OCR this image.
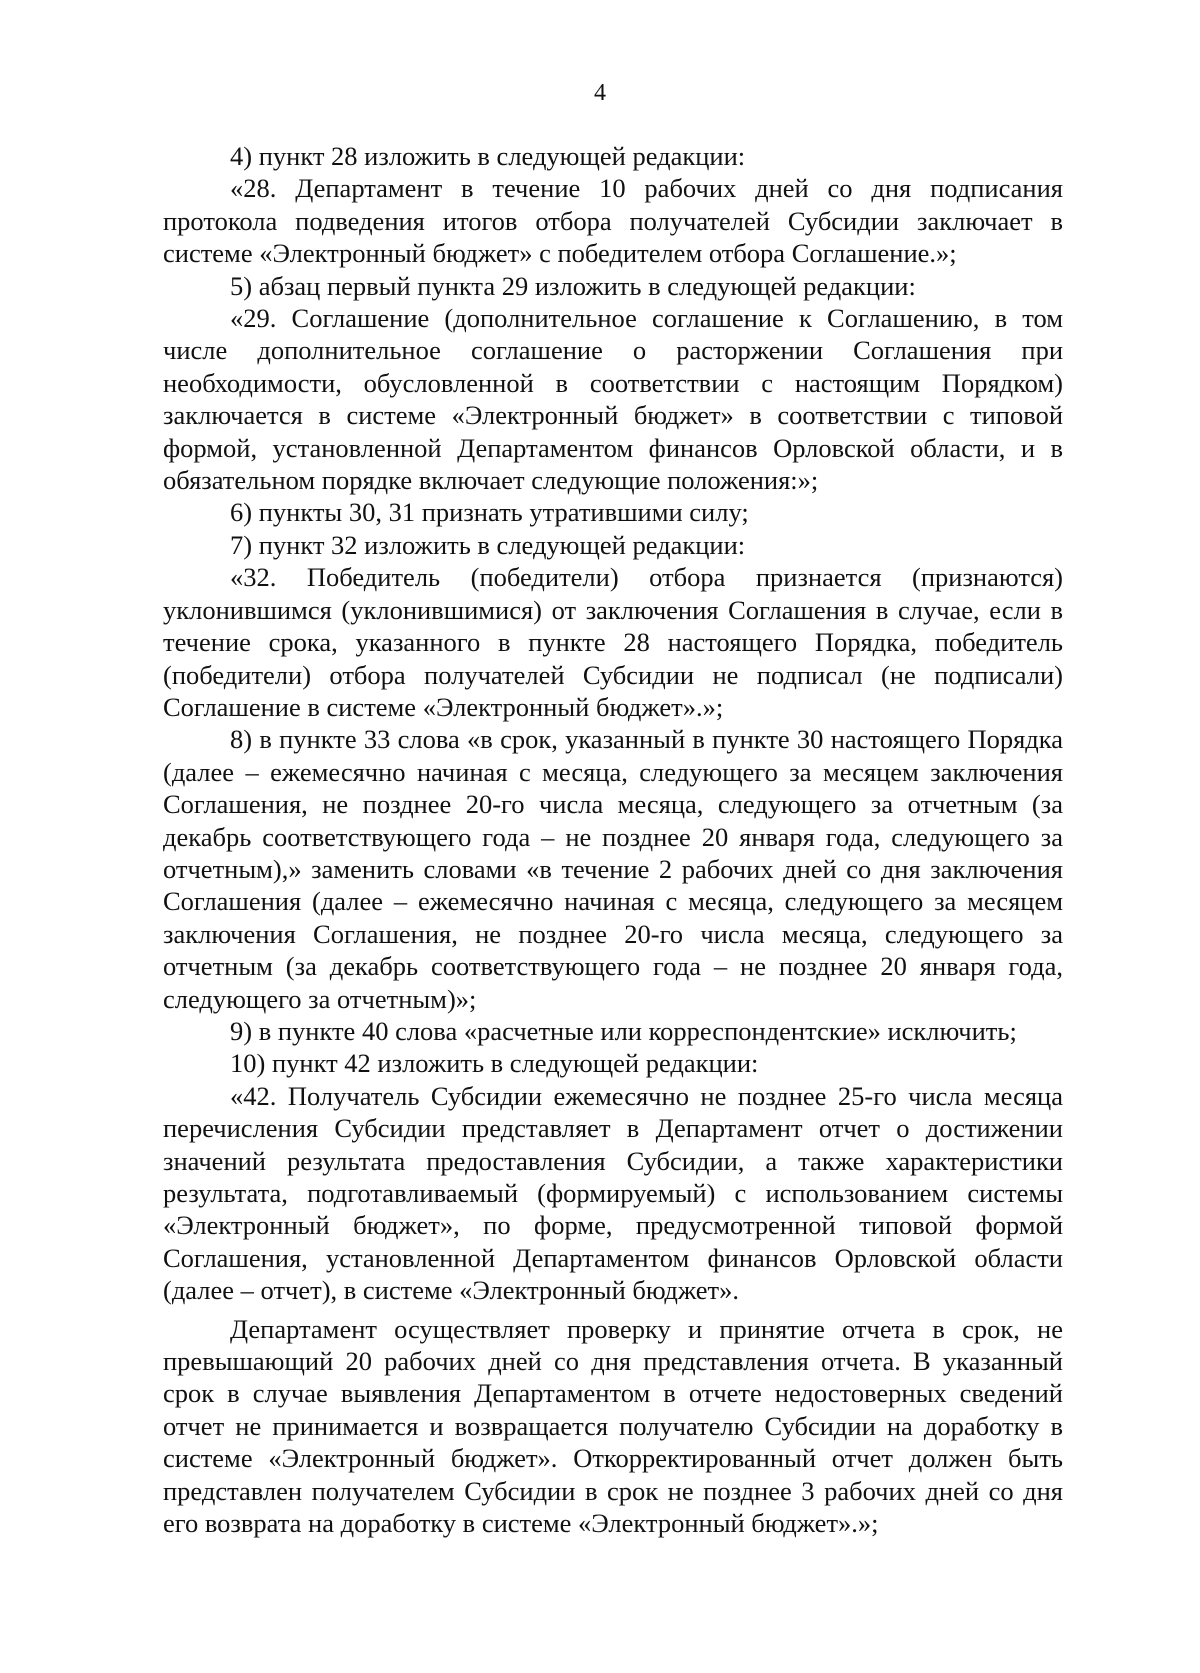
4

4) пункт 28 изложить в следующей редакции:

«28. Департамент в течение 10 рабочих дней со дня подписания протокола подведения итогов отбора получателей Субсидии заключает в системе «Электронный бюджет» с победителем отбора Соглашение.»;

5) абзац первый пункта 29 изложить в следующей редакции:

«29. Соглашение (дополнительное соглашение к Соглашению, в том числе дополнительное соглашение о расторжении Соглашения при необходимости, обусловленной в соответствии с настоящим Порядком) заключается в системе «Электронный бюджет» в соответствии с типовой формой, установленной Департаментом финансов Орловской области, и в обязательном порядке включает следующие положения:»;

6) пункты 30, 31 признать утратившими силу;

7) пункт 32 изложить в следующей редакции:

«32. Победитель (победители) отбора признается (признаются) уклонившимся (уклонившимися) от заключения Соглашения в случае, если в течение срока, указанного в пункте 28 настоящего Порядка, победитель (победители) отбора получателей Субсидии не подписал (не подписали) Соглашение в системе «Электронный бюджет».»;

8) в пункте 33 слова «в срок, указанный в пункте 30 настоящего Порядка (далее – ежемесячно начиная с месяца, следующего за месяцем заключения Соглашения, не позднее 20-го числа месяца, следующего за отчетным (за декабрь соответствующего года – не позднее 20 января года, следующего за отчетным),» заменить словами «в течение 2 рабочих дней со дня заключения Соглашения (далее – ежемесячно начиная с месяца, следующего за месяцем заключения Соглашения, не позднее 20-го числа месяца, следующего за отчетным (за декабрь соответствующего года – не позднее 20 января года, следующего за отчетным)»;

9) в пункте 40 слова «расчетные или корреспондентские» исключить;

10) пункт 42 изложить в следующей редакции:

«42. Получатель Субсидии ежемесячно не позднее 25-го числа месяца перечисления Субсидии представляет в Департамент отчет о достижении значений результата предоставления Субсидии, а также характеристики результата, подготавливаемый (формируемый) с использованием системы «Электронный бюджет», по форме, предусмотренной типовой формой Соглашения, установленной Департаментом финансов Орловской области (далее – отчет), в системе «Электронный бюджет».

Департамент осуществляет проверку и принятие отчета в срок, не превышающий 20 рабочих дней со дня представления отчета. В указанный срок в случае выявления Департаментом в отчете недостоверных сведений отчет не принимается и возвращается получателю Субсидии на доработку в системе «Электронный бюджет». Откорректированный отчет должен быть представлен получателем Субсидии в срок не позднее 3 рабочих дней со дня его возврата на доработку в системе «Электронный бюджет».»;
